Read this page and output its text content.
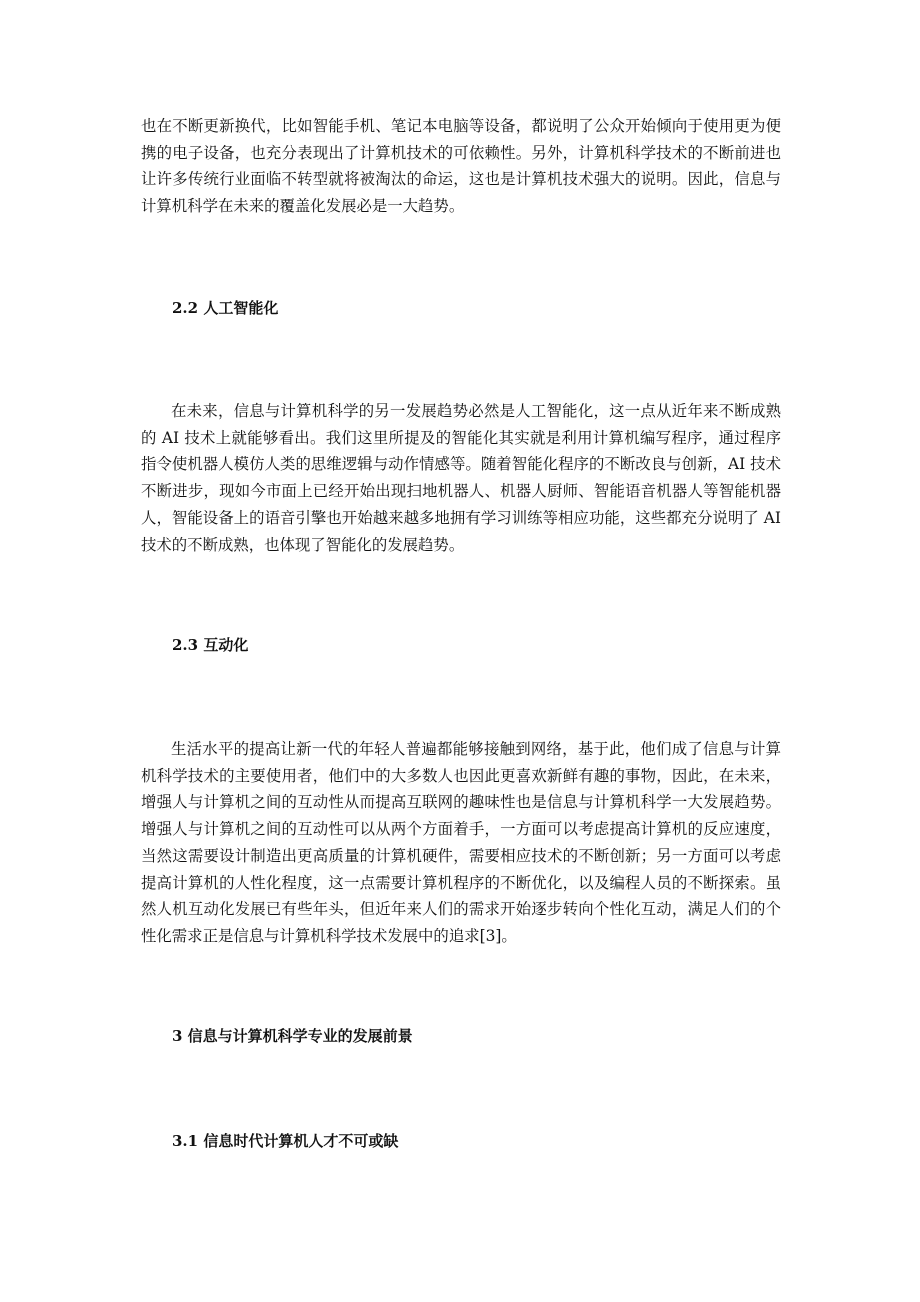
也在不断更新换代，比如智能手机、笔记本电脑等设备，都说明了公众开始倾向于使用更为便携的电子设备，也充分表现出了计算机技术的可依赖性。另外，计算机科学技术的不断前进也让许多传统行业面临不转型就将被淘汰的命运，这也是计算机技术强大的说明。因此，信息与计算机科学在未来的覆盖化发展必是一大趋势。

2.2 人工智能化

在未来，信息与计算机科学的另一发展趋势必然是人工智能化，这一点从近年来不断成熟的 AI 技术上就能够看出。我们这里所提及的智能化其实就是利用计算机编写程序，通过程序指令使机器人模仿人类的思维逻辑与动作情感等。随着智能化程序的不断改良与创新，AI 技术不断进步，现如今市面上已经开始出现扫地机器人、机器人厨师、智能语音机器人等智能机器人，智能设备上的语音引擎也开始越来越多地拥有学习训练等相应功能，这些都充分说明了 AI 技术的不断成熟，也体现了智能化的发展趋势。

2.3 互动化

生活水平的提高让新一代的年轻人普遍都能够接触到网络，基于此，他们成了信息与计算机科学技术的主要使用者，他们中的大多数人也因此更喜欢新鲜有趣的事物，因此，在未来，增强人与计算机之间的互动性从而提高互联网的趣味性也是信息与计算机科学一大发展趋势。增强人与计算机之间的互动性可以从两个方面着手，一方面可以考虑提高计算机的反应速度，当然这需要设计制造出更高质量的计算机硬件，需要相应技术的不断创新；另一方面可以考虑提高计算机的人性化程度，这一点需要计算机程序的不断优化，以及编程人员的不断探索。虽然人机互动化发展已有些年头，但近年来人们的需求开始逐步转向个性化互动，满足人们的个性化需求正是信息与计算机科学技术发展中的追求[3]。

3 信息与计算机科学专业的发展前景
3.1 信息时代计算机人才不可或缺
